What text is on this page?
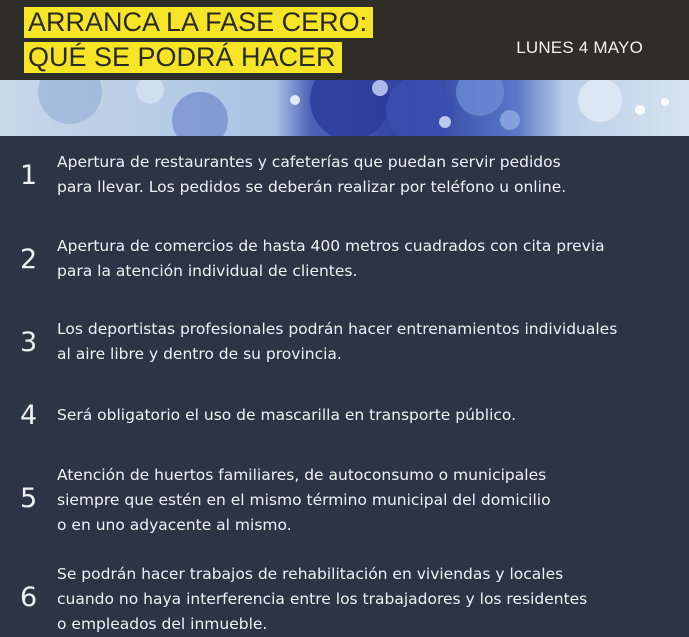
ARRANCA LA FASE CERO:
QUÉ SE PODRÁ HACER	LUNES 4 MAYO
1 Apertura de restaurantes y cafeterías que puedan servir pedidos
para llevar. Los pedidos se deberán realizar por teléfono u online.
2 Apertura de comercios de hasta 400 metros cuadrados con cita previa
para la atención individual de clientes.
3 Los deportistas profesionales podrán hacer entrenamientos individuales
al aire libre y dentro de su provincia.
4 Será obligatorio el uso de mascarilla en transporte público.
5
Atención de huertos familiares, de autoconsumo o municipales
siempre que estén en el mismo término municipal del domicilio
o en uno adyacente al mismo.
6
Se podrán hacer trabajos de rehabilitación en viviendas y locales
cuando no haya interferencia entre los trabajadores y los residentes
o empleados del inmueble.
